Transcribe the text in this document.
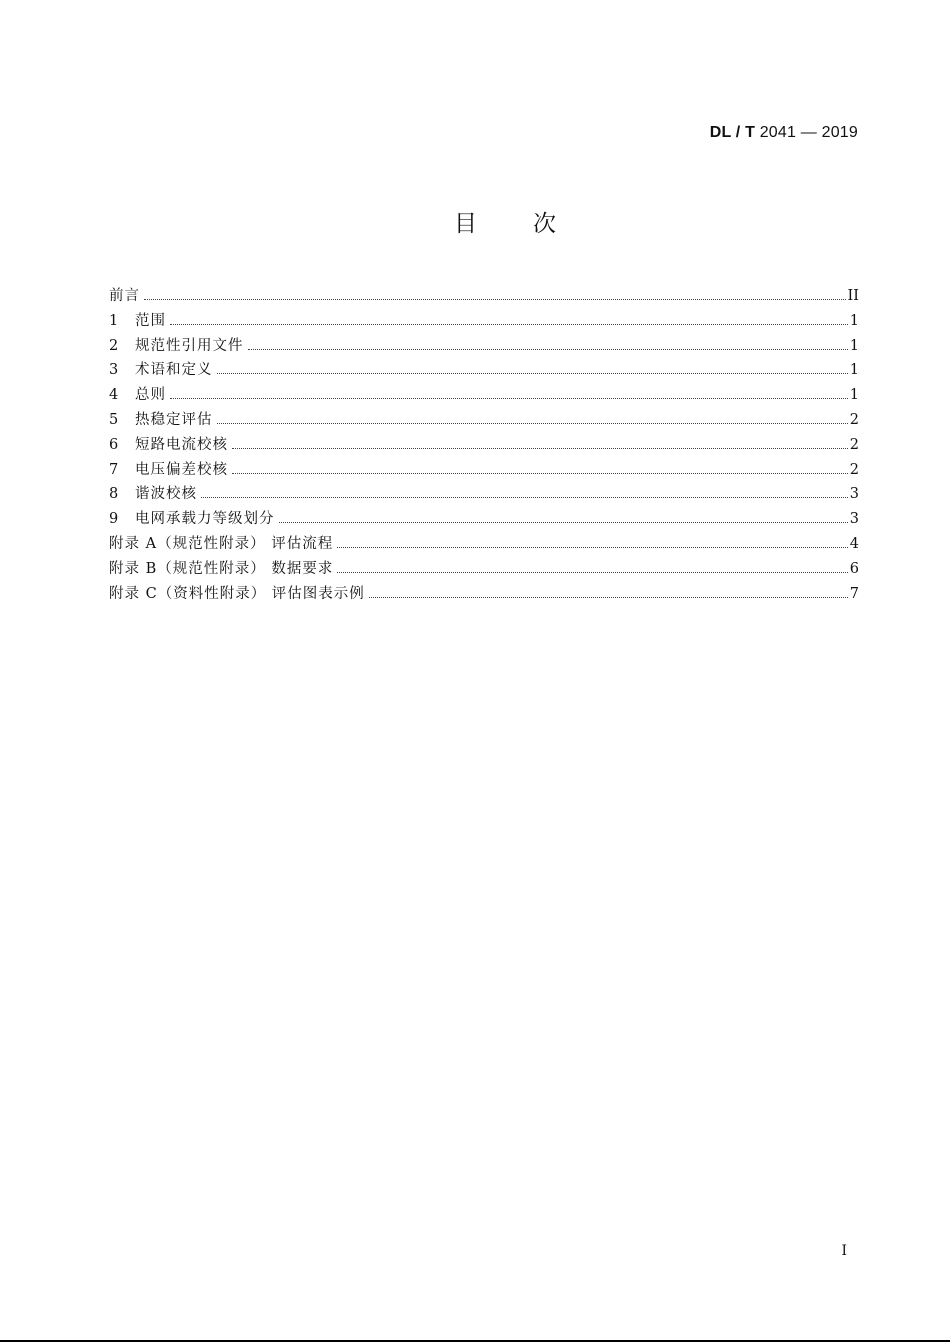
DL / T 2041 — 2019
目 次
前言	II
1	范围	1
2	规范性引用文件	1
3	术语和定义	1
4	总则	1
5	热稳定评估	2
6	短路电流校核	2
7	电压偏差校核	2
8	谐波校核	3
9	电网承载力等级划分	3
附录 A（规范性附录） 评估流程	4
附录 B（规范性附录） 数据要求	6
附录 C（资料性附录） 评估图表示例	7
I
